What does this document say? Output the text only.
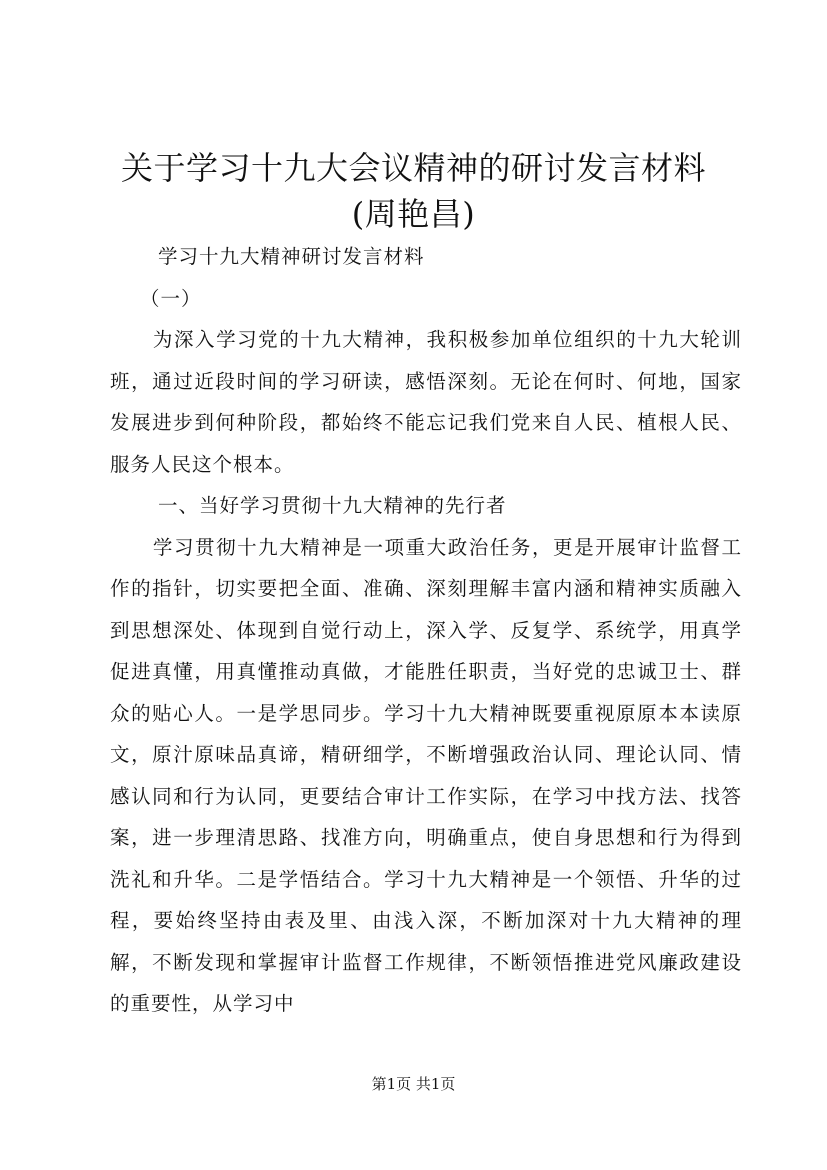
关于学习十九大会议精神的研讨发言材料(周艳昌)

学习十九大精神研讨发言材料

（一）

为深入学习党的十九大精神，我积极参加单位组织的十九大轮训班，通过近段时间的学习研读，感悟深刻。无论在何时、何地，国家发展进步到何种阶段，都始终不能忘记我们党来自人民、植根人民、服务人民这个根本。

一、当好学习贯彻十九大精神的先行者

学习贯彻十九大精神是一项重大政治任务，更是开展审计监督工作的指针，切实要把全面、准确、深刻理解丰富内涵和精神实质融入到思想深处、体现到自觉行动上，深入学、反复学、系统学，用真学促进真懂，用真懂推动真做，才能胜任职责，当好党的忠诚卫士、群众的贴心人。一是学思同步。学习十九大精神既要重视原原本本读原文，原汁原味品真谛，精研细学，不断增强政治认同、理论认同、情感认同和行为认同，更要结合审计工作实际，在学习中找方法、找答案，进一步理清思路、找准方向，明确重点，使自身思想和行为得到洗礼和升华。二是学悟结合。学习十九大精神是一个领悟、升华的过程，要始终坚持由表及里、由浅入深，不断加深对十九大精神的理解，不断发现和掌握审计监督工作规律，不断领悟推进党风廉政建设的重要性，从学习中

第1页 共1页
